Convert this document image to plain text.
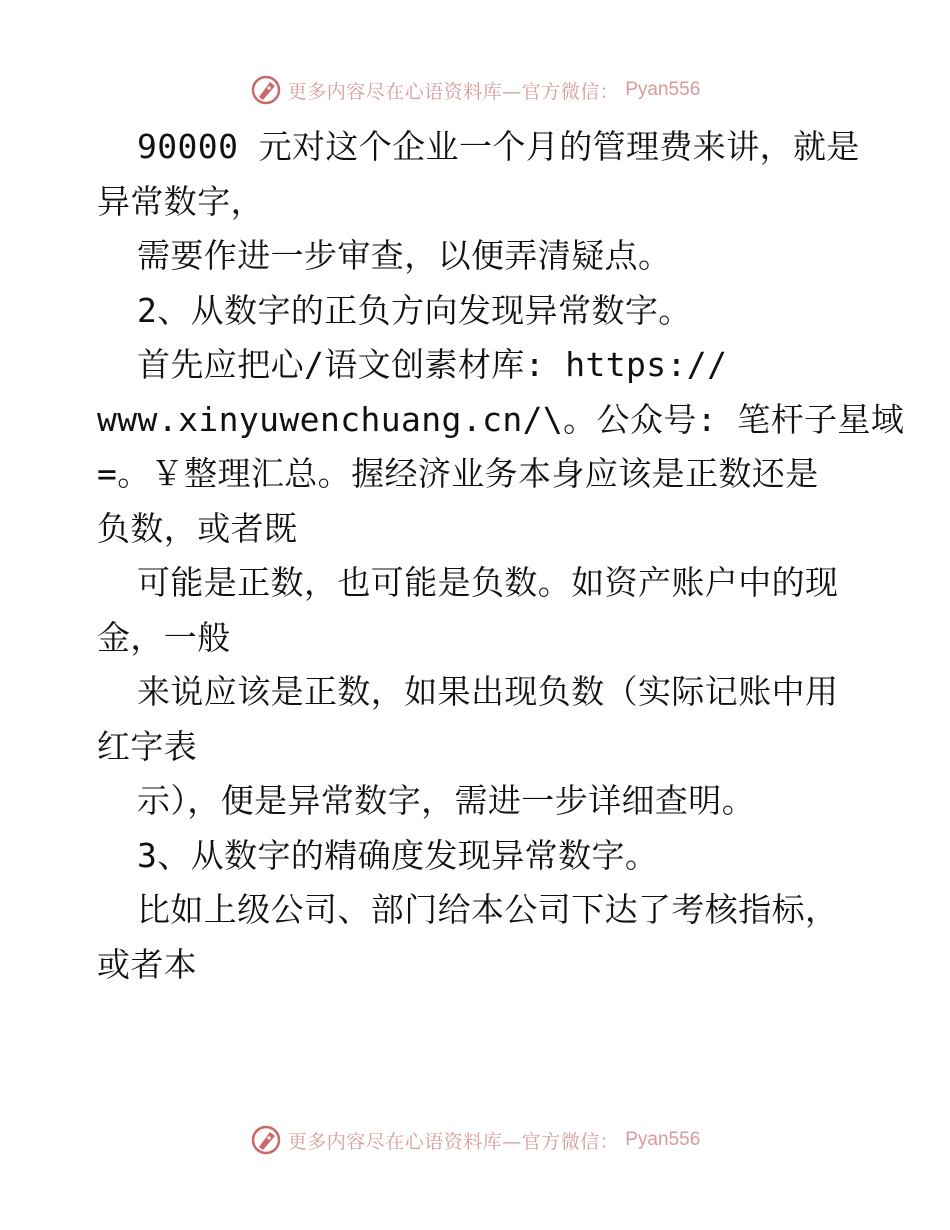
更多内容尽在心语资料库—官方微信： Pyan556
90000 元对这个企业一个月的管理费来讲，就是
异常数字，
需要作进一步审查，以便弄清疑点。
2、从数字的正负方向发现异常数字。
首先应把心/语文创素材库: https://
www.xinyuwenchuang.cn/\。公众号: 笔杆子星域
=。￥整理汇总。握经济业务本身应该是正数还是
负数，或者既
可能是正数，也可能是负数。如资产账户中的现
金，一般
来说应该是正数，如果出现负数（实际记账中用
红字表
示），便是异常数字，需进一步详细查明。
3、从数字的精确度发现异常数字。
比如上级公司、部门给本公司下达了考核指标，
或者本
更多内容尽在心语资料库—官方微信： Pyan556
